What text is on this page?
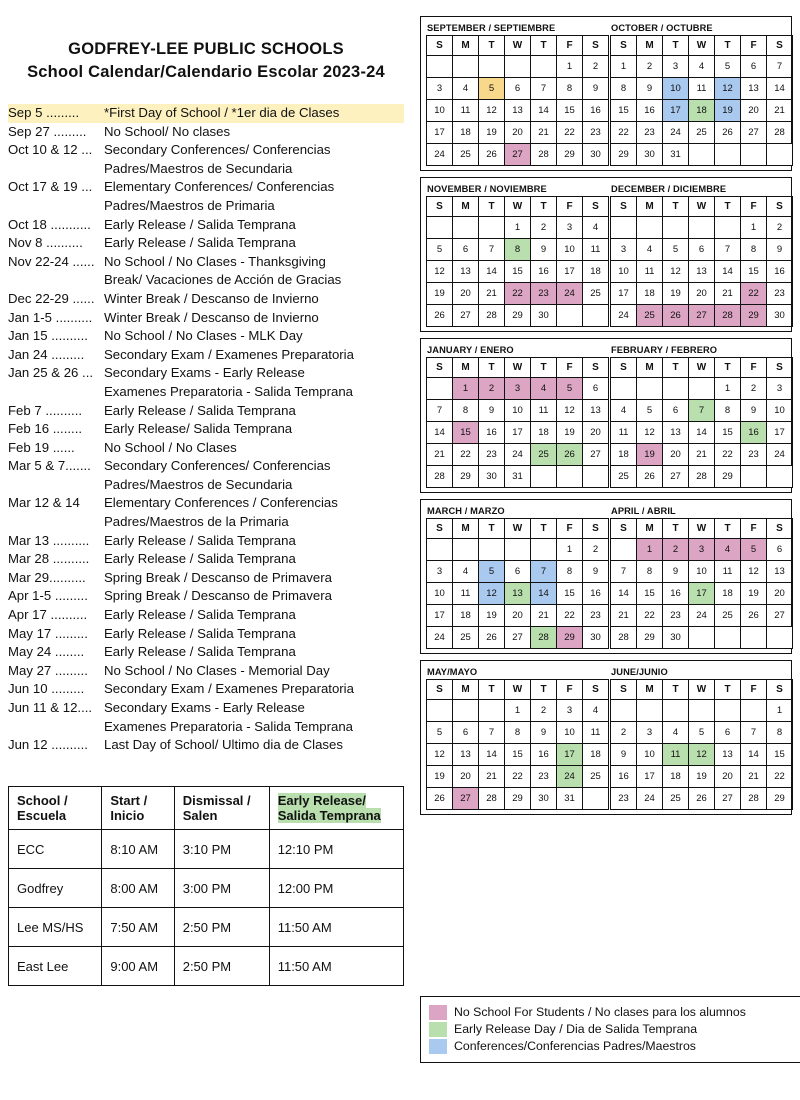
GODFREY-LEE PUBLIC SCHOOLS
School Calendar/Calendario Escolar 2023-24
Sep 5 .........	*First Day of School / *1er dia de Clases
Sep 27 .........	No School/ No clases
Oct 10 & 12 ... Secondary Conferences/ Conferencias
Padres/Maestros de Secundaria
Oct 17 & 19 ... Elementary Conferences/ Conferencias
Padres/Maestros de Primaria
Oct 18 ........... Early Release / Salida Temprana
Nov 8 ..........	Early Release / Salida Temprana
Nov 22-24 ...... No School / No Clases - Thanksgiving
Break/ Vacaciones de Acción de Gracias
Dec 22-29 ...... Winter Break / Descanso de Invierno
Jan 1-5 .......... Winter Break / Descanso de Invierno
Jan 15 ..........	No School / No Clases - MLK Day
Jan 24 .........	Secondary Exam / Examenes Preparatoria
Jan 25 & 26 ... Secondary Exams - Early Release
Examenes Preparatoria - Salida Temprana
Feb 7 ..........	Early Release / Salida Temprana
Feb 16 ........	Early Release/ Salida Temprana
Feb 19 ......	No School / No Clases
Mar 5 & 7....... Secondary Conferences/ Conferencias
Padres/Maestros de Secundaria
Mar 12 & 14	Elementary Conferences / Conferencias
Padres/Maestros de la Primaria
Mar 13 ..........	Early Release / Salida Temprana
Mar 28 ..........	Early Release / Salida Temprana
Mar 29..........	Spring Break / Descanso de Primavera
Apr 1-5 .........	Spring Break / Descanso de Primavera
Apr 17 ..........	Early Release / Salida Temprana
May 17 .........	Early Release / Salida Temprana
May 24 ........	Early Release / Salida Temprana
May 27 .........	No School / No Clases - Memorial Day
Jun 10 .........	Secondary Exam / Examenes Preparatoria
Jun 11 & 12.... Secondary Exams - Early Release
Examenes Preparatoria - Salida Temprana
Jun 12 ..........	Last Day of School/ Ultimo dia de Clases
School /
Escuela	Start /
Inicio	Dismissal /
Salen	Early Release/
Salida Temprana
ECC	8:10 AM	3:10 PM	12:10 PM
Godfrey	8:00 AM	3:00 PM	12:00 PM
Lee MS/HS	7:50 AM	2:50 PM	11:50 AM
East Lee	9:00 AM	2:50 PM	11:50 AM
SEPTEMBER / SEPTIEMBRE
S	M	T	W	T	F	S
					1	2
3	4	5	6	7	8	9
10	11	12	13	14	15	16
17	18	19	20	21	22	23
24	25	26	27	28	29	30
OCTOBER / OCTUBRE
S	M	T	W	T	F	S
1	2	3	4	5	6	7
8	9	10	11	12	13	14
15	16	17	18	19	20	21
22	23	24	25	26	27	28
29	30	31				
NOVEMBER / NOVIEMBRE
S	M	T	W	T	F	S
			1	2	3	4
5	6	7	8	9	10	11
12	13	14	15	16	17	18
19	20	21	22	23	24	25
26	27	28	29	30		
DECEMBER / DICIEMBRE
S	M	T	W	T	F	S
					1	2
3	4	5	6	7	8	9
10	11	12	13	14	15	16
17	18	19	20	21	22	23
24	25	26	27	28	29	30
JANUARY / ENERO
S	M	T	W	T	F	S
	1	2	3	4	5	6
7	8	9	10	11	12	13
14	15	16	17	18	19	20
21	22	23	24	25	26	27
28	29	30	31			
FEBRUARY / FEBRERO
S	M	T	W	T	F	S
				1	2	3
4	5	6	7	8	9	10
11	12	13	14	15	16	17
18	19	20	21	22	23	24
25	26	27	28	29		
MARCH / MARZO
S	M	T	W	T	F	S
					1	2
3	4	5	6	7	8	9
10	11	12	13	14	15	16
17	18	19	20	21	22	23
24	25	26	27	28	29	30
APRIL / ABRIL
S	M	T	W	T	F	S
	1	2	3	4	5	6
7	8	9	10	11	12	13
14	15	16	17	18	19	20
21	22	23	24	25	26	27
28	29	30				
MAY/MAYO
S	M	T	W	T	F	S
			1	2	3	4
5	6	7	8	9	10	11
12	13	14	15	16	17	18
19	20	21	22	23	24	25
26	27	28	29	30	31	
JUNE/JUNIO
S	M	T	W	T	F	S
						1
2	3	4	5	6	7	8
9	10	11	12	13	14	15
16	17	18	19	20	21	22
23	24	25	26	27	28	29
No School For Students / No clases para los alumnos
Early Release Day / Dia de Salida Temprana
Conferences/Conferencias Padres/Maestros
